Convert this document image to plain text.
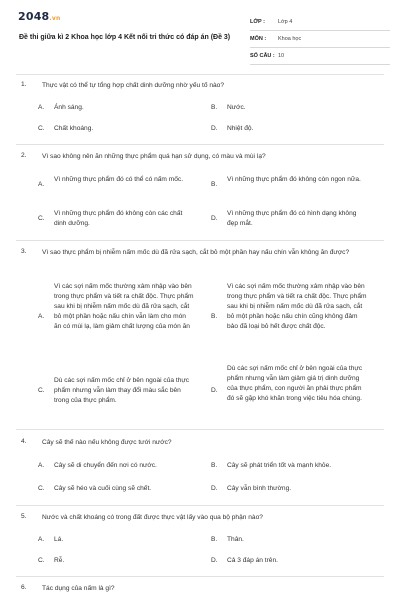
2048.vn
Đề thi giữa kì 2 Khoa học lớp 4 Kết nối tri thức có đáp án (Đề 3)
LỚP :	Lớp 4
MÔN :	Khoa học
SỐ CÂU : 10
1. Thực vật có thể tự tổng hợp chất dinh dưỡng nhờ yếu tố nào?
A. Ánh sáng.	B. Nước.
C. Chất khoáng.	D. Nhiệt độ.
2. Vì sao không nên ăn những thực phẩm quá hạn sử dụng, có màu và mùi lạ?
A.
Vì những thực phẩm đó có thể có nấm mốc.
B.
Vì những thực phẩm đó không còn ngon nữa.
C.
Vì những thực phẩm đó không còn các chất dinh dưỡng.
D.
Vì những thực phẩm đó có hình dạng không đẹp mắt.
3. Vì sao thực phẩm bị nhiễm nấm mốc dù đã rửa sạch, cắt bỏ một phần hay nấu chín vẫn không ăn được?
A.
Vì các sợi nấm mốc thường xâm nhập vào bên trong thực phẩm và tiết ra chất độc. Thực phẩm sau khi bị nhiễm nấm mốc dù đã rửa sạch, cắt bỏ một phần hoặc nấu chín vẫn làm cho món ăn có mùi lạ, làm giảm chất lượng của món ăn
B.
Vì các sợi nấm mốc thường xâm nhập vào bên trong thực phẩm và tiết ra chất độc. Thực phẩm sau khi bị nhiễm nấm mốc dù đã rửa sạch, cắt bỏ một phần hoặc nấu chín cũng không đảm bảo đã loại bỏ hết được chất độc.
C.
Dù các sợi nấm mốc chỉ ở bên ngoài của thực phẩm nhưng vẫn làm thay đổi màu sắc bên trong của thực phẩm.
D.
Dù các sợi nấm mốc chỉ ở bên ngoài của thực phẩm nhưng vẫn làm giảm giá trị dinh dưỡng của thực phẩm, con người ăn phải thực phẩm đó sẽ gặp khó khăn trong việc tiêu hóa chúng.
4. Cây sẽ thế nào nếu không được tưới nước?
A. Cây sẽ di chuyển đến nơi có nước.	B. Cây sẽ phát triển tốt và mạnh khỏe.
C. Cây sẽ héo và cuối cùng sẽ chết.	D. Cây vẫn bình thường.
5. Nước và chất khoáng có trong đất được thực vật lấy vào qua bộ phận nào?
A. Lá.	B. Thân.
C. Rễ.	D. Cả 3 đáp án trên.
6. Tác dụng của nấm là gì?
